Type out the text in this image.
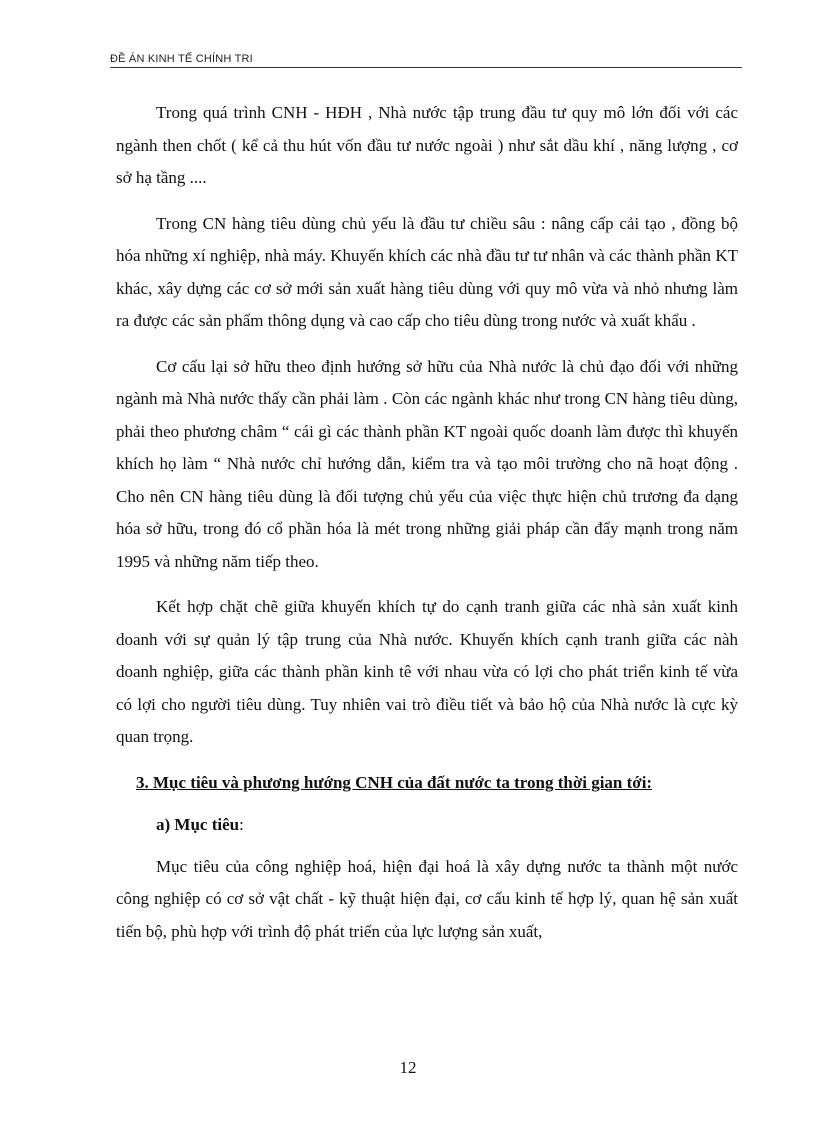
ĐỀ ÁN KINH TẾ CHÍNH TRI

Trong quá trình CNH - HĐH , Nhà nước tập trung đầu tư quy mô lớn đối với các ngành then chốt ( kể cả thu hút vốn đầu tư nước ngoài ) như sắt dầu khí , năng lượng , cơ sở hạ tầng ....

Trong CN hàng tiêu dùng chủ yếu là đầu tư chiều sâu : nâng cấp cải tạo , đồng bộ hóa những xí nghiệp, nhà máy. Khuyến khích các nhà đầu tư tư nhân và các thành phần KT khác, xây dựng các cơ sở mới sản xuất hàng tiêu dùng với quy mô vừa và nhỏ nhưng làm ra được các sản phẩm thông dụng và cao cấp cho tiêu dùng trong nước và xuất khẩu .

Cơ cấu lại sở hữu theo định hướng sở hữu của Nhà nước là chủ đạo đối với những ngành mà Nhà nước thấy cần phải làm . Còn các ngành khác như trong CN hàng tiêu dùng, phải theo phương châm “ cái gì các thành phần KT ngoài quốc doanh làm được thì khuyến khích họ làm “ Nhà nước chỉ hướng dẫn, kiểm tra và tạo môi trường cho nã hoạt động . Cho nên CN hàng tiêu dùng là đối tượng chủ yếu của việc thực hiện chủ trương đa dạng hóa sở hữu, trong đó cổ phần hóa là mét trong những giải pháp cần đẩy mạnh trong năm 1995 và những năm tiếp theo.

Kết hợp chặt chẽ giữa khuyến khích tự do cạnh tranh giữa các nhà sản xuất kinh doanh với sự quản lý tập trung của Nhà nước. Khuyến khích cạnh tranh giữa các nàh doanh nghiệp, giữa các thành phần kinh tê với nhau vừa có lợi cho phát triển kinh tế vừa có lợi cho người tiêu dùng. Tuy nhiên vai trò điều tiết và bảo hộ của Nhà nước là cực kỳ quan trọng.

3. Mục tiêu và phương hướng CNH của đất nước ta trong thời gian tới:

a) Mục tiêu:

Mục tiêu của công nghiệp hoá, hiện đại hoá là xây dựng nước ta thành một nước công nghiệp có cơ sở vật chất - kỹ thuật hiện đại, cơ cấu kinh tế hợp lý, quan hệ sản xuất tiến bộ, phù hợp với trình độ phát triển của lực lượng sản xuất,

12
